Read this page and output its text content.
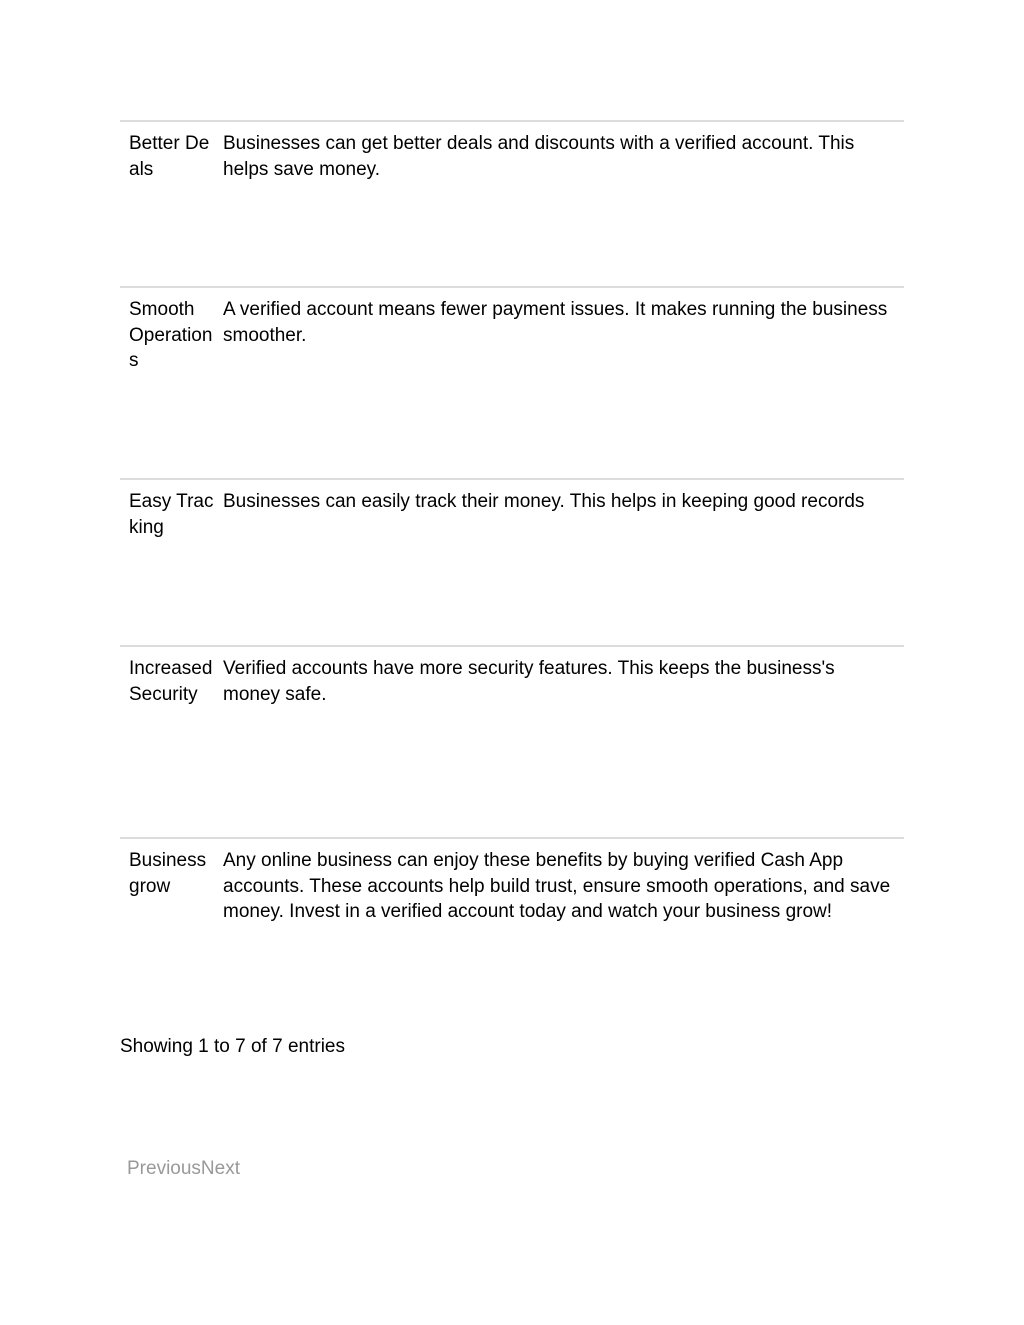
Better Deals
Businesses can get better deals and discounts with a verified account. This helps save money.
Smooth Operations
A verified account means fewer payment issues. It makes running the business smoother.
Easy Tracking
Businesses can easily track their money. This helps in keeping good records
Increased Security
Verified accounts have more security features. This keeps the business's money safe.
Business grow
Any online business can enjoy these benefits by buying verified Cash App accounts. These accounts help build trust, ensure smooth operations, and save money. Invest in a verified account today and watch your business grow!
Showing 1 to 7 of 7 entries
PreviousNext
